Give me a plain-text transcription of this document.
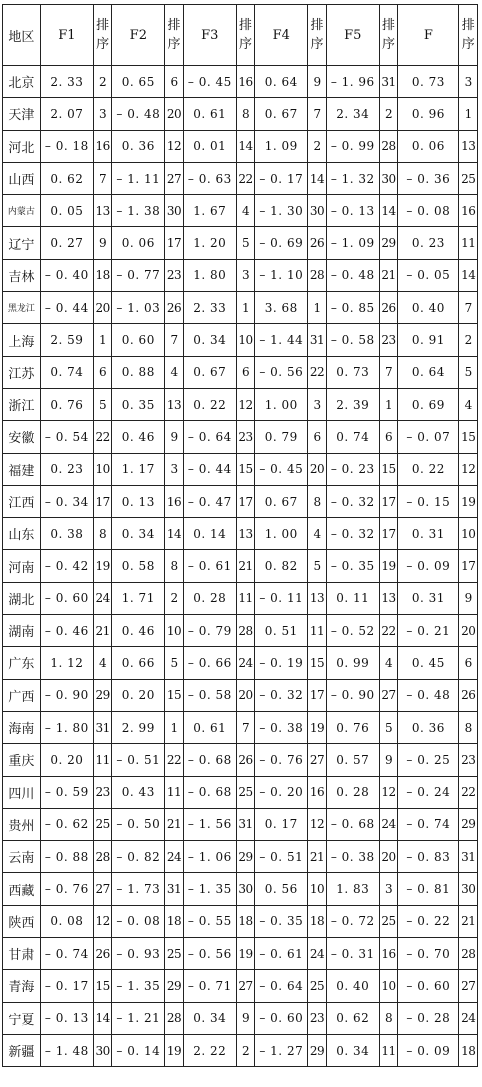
地区	F1	排序	F2	排序	F3	排序	F4	排序	F5	排序	F	排序
北京	2. 33	2	0. 65	6	– 0. 45	16	0. 64	9	– 1. 96	31	0. 73	3
天津	2. 07	3	– 0. 48	20	0. 61	8	0. 67	7	2. 34	2	0. 96	1
河北	– 0. 18	16	0. 36	12	0. 01	14	1. 09	2	– 0. 99	28	0. 06	13
山西	0. 62	7	– 1. 11	27	– 0. 63	22	– 0. 17	14	– 1. 32	30	– 0. 36	25
内蒙古	0. 05	13	– 1. 38	30	1. 67	4	– 1. 30	30	– 0. 13	14	– 0. 08	16
辽宁	0. 27	9	0. 06	17	1. 20	5	– 0. 69	26	– 1. 09	29	0. 23	11
吉林	– 0. 40	18	– 0. 77	23	1. 80	3	– 1. 10	28	– 0. 48	21	– 0. 05	14
黑龙江	– 0. 44	20	– 1. 03	26	2. 33	1	3. 68	1	– 0. 85	26	0. 40	7
上海	2. 59	1	0. 60	7	0. 34	10	– 1. 44	31	– 0. 58	23	0. 91	2
江苏	0. 74	6	0. 88	4	0. 67	6	– 0. 56	22	0. 73	7	0. 64	5
浙江	0. 76	5	0. 35	13	0. 22	12	1. 00	3	2. 39	1	0. 69	4
安徽	– 0. 54	22	0. 46	9	– 0. 64	23	0. 79	6	0. 74	6	– 0. 07	15
福建	0. 23	10	1. 17	3	– 0. 44	15	– 0. 45	20	– 0. 23	15	0. 22	12
江西	– 0. 34	17	0. 13	16	– 0. 47	17	0. 67	8	– 0. 32	17	– 0. 15	19
山东	0. 38	8	0. 34	14	0. 14	13	1. 00	4	– 0. 32	17	0. 31	10
河南	– 0. 42	19	0. 58	8	– 0. 61	21	0. 82	5	– 0. 35	19	– 0. 09	17
湖北	– 0. 60	24	1. 71	2	0. 28	11	– 0. 11	13	0. 11	13	0. 31	9
湖南	– 0. 46	21	0. 46	10	– 0. 79	28	0. 51	11	– 0. 52	22	– 0. 21	20
广东	1. 12	4	0. 66	5	– 0. 66	24	– 0. 19	15	0. 99	4	0. 45	6
广西	– 0. 90	29	0. 20	15	– 0. 58	20	– 0. 32	17	– 0. 90	27	– 0. 48	26
海南	– 1. 80	31	2. 99	1	0. 61	7	– 0. 38	19	0. 76	5	0. 36	8
重庆	0. 20	11	– 0. 51	22	– 0. 68	26	– 0. 76	27	0. 57	9	– 0. 25	23
四川	– 0. 59	23	0. 43	11	– 0. 68	25	– 0. 20	16	0. 28	12	– 0. 24	22
贵州	– 0. 62	25	– 0. 50	21	– 1. 56	31	0. 17	12	– 0. 68	24	– 0. 74	29
云南	– 0. 88	28	– 0. 82	24	– 1. 06	29	– 0. 51	21	– 0. 38	20	– 0. 83	31
西藏	– 0. 76	27	– 1. 73	31	– 1. 35	30	0. 56	10	1. 83	3	– 0. 81	30
陕西	0. 08	12	– 0. 08	18	– 0. 55	18	– 0. 35	18	– 0. 72	25	– 0. 22	21
甘肃	– 0. 74	26	– 0. 93	25	– 0. 56	19	– 0. 61	24	– 0. 31	16	– 0. 70	28
青海	– 0. 17	15	– 1. 35	29	– 0. 71	27	– 0. 64	25	0. 40	10	– 0. 60	27
宁夏	– 0. 13	14	– 1. 21	28	0. 34	9	– 0. 60	23	0. 62	8	– 0. 28	24
新疆	– 1. 48	30	– 0. 14	19	2. 22	2	– 1. 27	29	0. 34	11	– 0. 09	18
